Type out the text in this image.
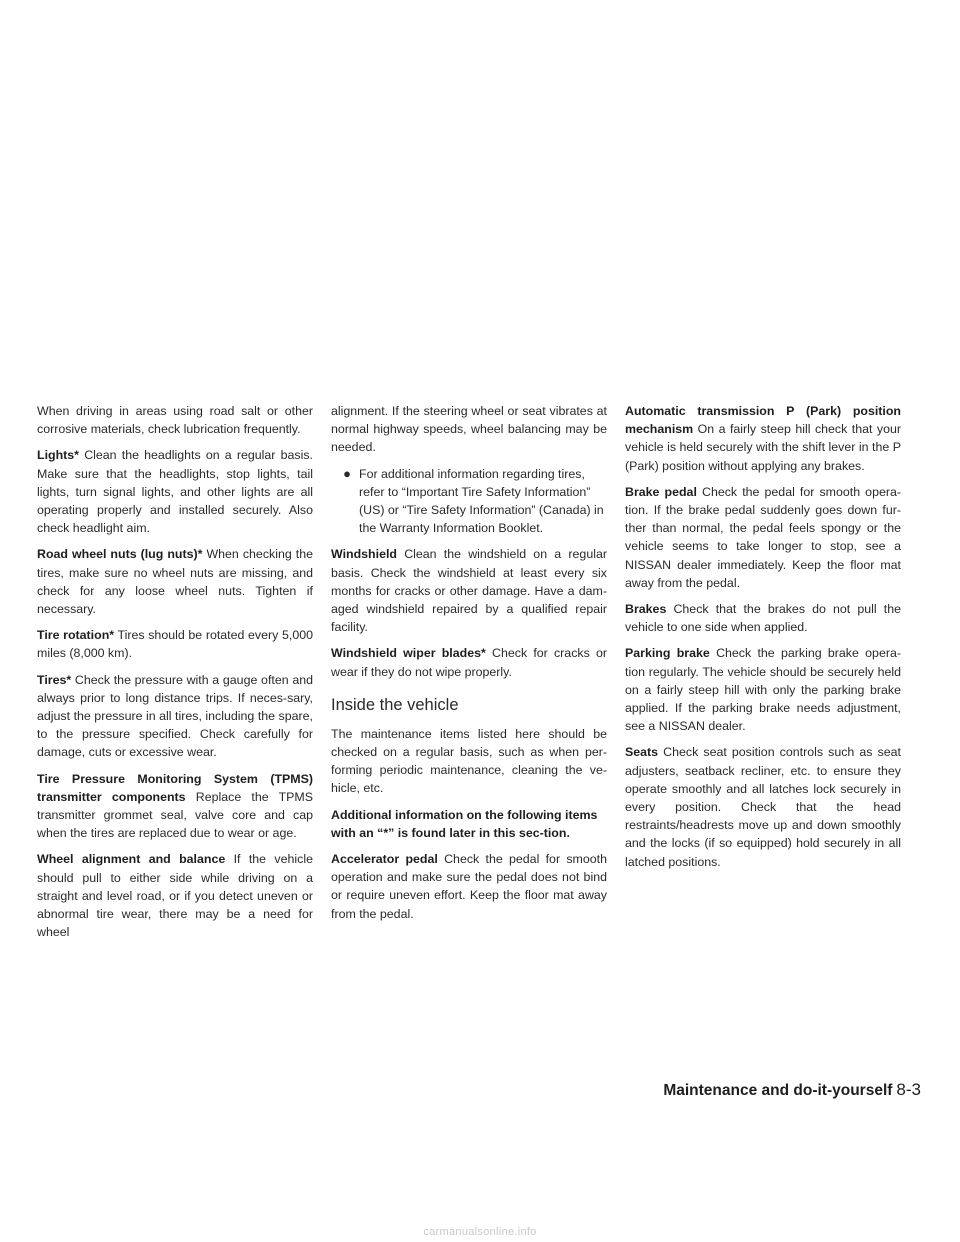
When driving in areas using road salt or other corrosive materials, check lubrication frequently.

Lights* Clean the headlights on a regular basis. Make sure that the headlights, stop lights, tail lights, turn signal lights, and other lights are all operating properly and installed securely. Also check headlight aim.

Road wheel nuts (lug nuts)* When checking the tires, make sure no wheel nuts are missing, and check for any loose wheel nuts. Tighten if necessary.

Tire rotation* Tires should be rotated every 5,000 miles (8,000 km).

Tires* Check the pressure with a gauge often and always prior to long distance trips. If neces-sary, adjust the pressure in all tires, including the spare, to the pressure specified. Check carefully for damage, cuts or excessive wear.

Tire Pressure Monitoring System (TPMS) transmitter components Replace the TPMS transmitter grommet seal, valve core and cap when the tires are replaced due to wear or age.

Wheel alignment and balance If the vehicle should pull to either side while driving on a straight and level road, or if you detect uneven or abnormal tire wear, there may be a need for wheel

alignment. If the steering wheel or seat vibrates at normal highway speeds, wheel balancing may be needed.

● For additional information regarding tires, refer to “Important Tire Safety Information” (US) or “Tire Safety Information” (Canada) in the Warranty Information Booklet.

Windshield Clean the windshield on a regular basis. Check the windshield at least every six months for cracks or other damage. Have a dam-aged windshield repaired by a qualified repair facility.

Windshield wiper blades* Check for cracks or wear if they do not wipe properly.

Inside the vehicle

The maintenance items listed here should be checked on a regular basis, such as when per-forming periodic maintenance, cleaning the ve-hicle, etc.

Additional information on the following items with an “*” is found later in this sec-tion.

Accelerator pedal Check the pedal for smooth operation and make sure the pedal does not bind or require uneven effort. Keep the floor mat away from the pedal.

Automatic transmission P (Park) position mechanism On a fairly steep hill check that your vehicle is held securely with the shift lever in the P (Park) position without applying any brakes.

Brake pedal Check the pedal for smooth opera-tion. If the brake pedal suddenly goes down fur-ther than normal, the pedal feels spongy or the vehicle seems to take longer to stop, see a NISSAN dealer immediately. Keep the floor mat away from the pedal.

Brakes Check that the brakes do not pull the vehicle to one side when applied.

Parking brake Check the parking brake opera-tion regularly. The vehicle should be securely held on a fairly steep hill with only the parking brake applied. If the parking brake needs adjustment, see a NISSAN dealer.

Seats Check seat position controls such as seat adjusters, seatback recliner, etc. to ensure they operate smoothly and all latches lock securely in every position. Check that the head restraints/headrests move up and down smoothly and the locks (if so equipped) hold securely in all latched positions.

Maintenance and do-it-yourself 8-3
carmanualsonline.info
